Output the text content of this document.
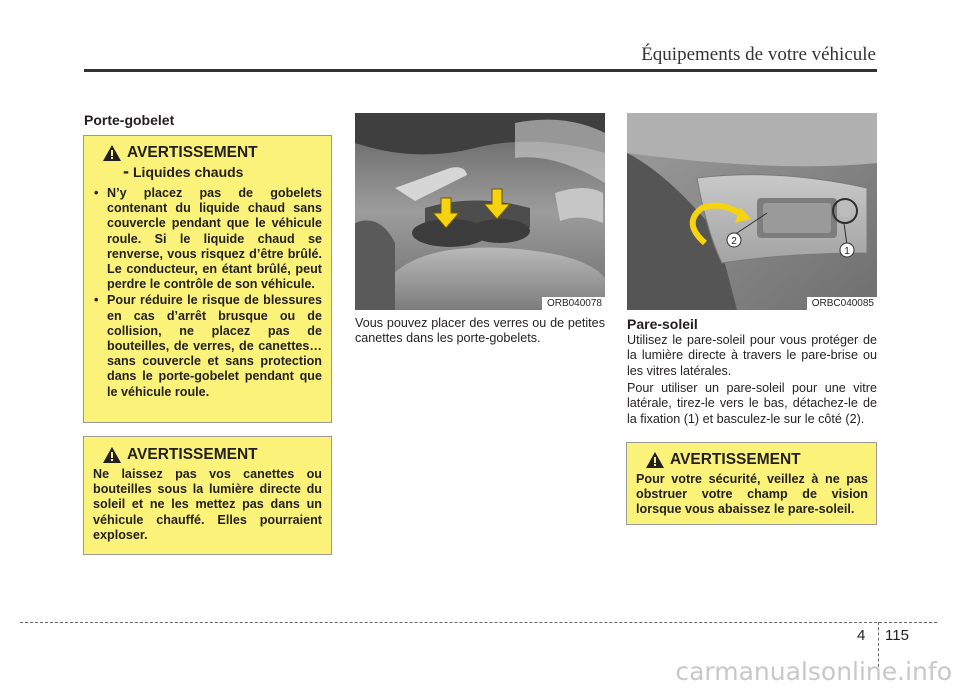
Équipements de votre véhicule
Porte-gobelet
AVERTISSEMENT
- Liquides chauds
• N’y placez pas de gobelets contenant du liquide chaud sans couvercle pendant que le véhicule roule. Si le liquide chaud se renverse, vous risquez d’être brûlé. Le conducteur, en étant brûlé, peut perdre le contrôle de son véhicule.
• Pour réduire le risque de blessures en cas d’arrêt brusque ou de collision, ne placez pas de bouteilles, de verres, de canettes…sans couvercle et sans protection dans le porte-gobelet pendant que le véhicule roule.
AVERTISSEMENT
Ne laissez pas vos canettes ou bouteilles sous la lumière directe du soleil et ne les mettez pas dans un véhicule chauffé. Elles pourraient exploser.
ORB040078
Vous pouvez placer des verres ou de petites canettes dans les porte-gobelets.
2
1
ORBC040085
Pare-soleil
Utilisez le pare-soleil pour vous protéger de la lumière directe à travers le pare-brise ou les vitres latérales.
Pour utiliser un pare-soleil pour une vitre latérale, tirez-le vers le bas, détachez-le de la fixation (1) et basculez-le sur le côté (2).
AVERTISSEMENT
Pour votre sécurité, veillez à ne pas obstruer votre champ de vision lorsque vous abaissez le pare-soleil.
4 115
carmanualsonline.info
